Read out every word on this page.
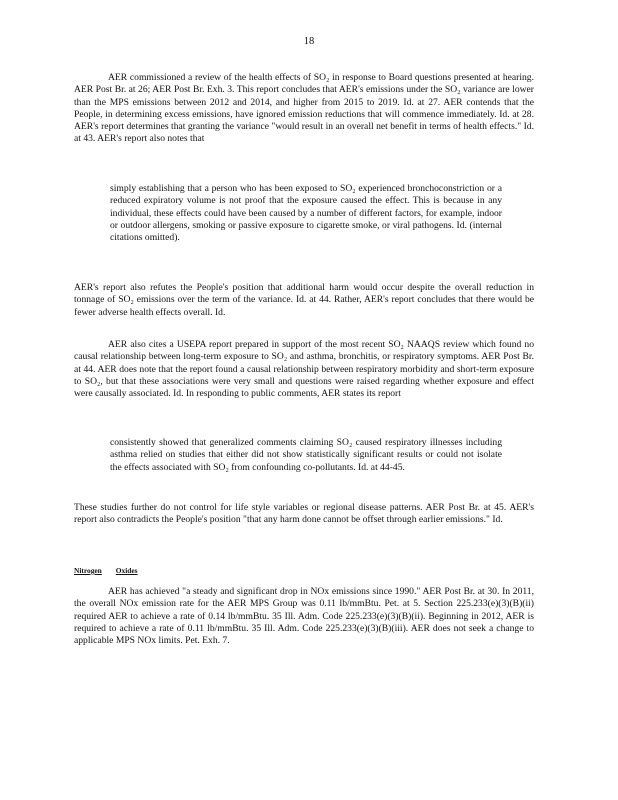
18

AER commissioned a review of the health effects of SO₂ in response to Board questions presented at hearing. AER Post Br. at 26; AER Post Br. Exh. 3. This report concludes that AER's emissions under the SO₂ variance are lower than the MPS emissions between 2012 and 2014, and higher from 2015 to 2019. Id. at 27. AER contends that the People, in determining excess emissions, have ignored emission reductions that will commence immediately. Id. at 28. AER's report determines that granting the variance "would result in an overall net benefit in terms of health effects." Id. at 43. AER's report also notes that

simply establishing that a person who has been exposed to SO₂ experienced bronchoconstriction or a reduced expiratory volume is not proof that the exposure caused the effect. This is because in any individual, these effects could have been caused by a number of different factors, for example, indoor or outdoor allergens, smoking or passive exposure to cigarette smoke, or viral pathogens. Id. (internal citations omitted).

AER's report also refutes the People's position that additional harm would occur despite the overall reduction in tonnage of SO₂ emissions over the term of the variance. Id. at 44. Rather, AER's report concludes that there would be fewer adverse health effects overall. Id.

AER also cites a USEPA report prepared in support of the most recent SO₂ NAAQS review which found no causal relationship between long-term exposure to SO₂ and asthma, bronchitis, or respiratory symptoms. AER Post Br. at 44. AER does note that the report found a causal relationship between respiratory morbidity and short-term exposure to SO₂, but that these associations were very small and questions were raised regarding whether exposure and effect were causally associated. Id. In responding to public comments, AER states its report

consistently showed that generalized comments claiming SO₂ caused respiratory illnesses including asthma relied on studies that either did not show statistically significant results or could not isolate the effects associated with SO₂ from confounding co-pollutants. Id. at 44-45.

These studies further do not control for life style variables or regional disease patterns. AER Post Br. at 45. AER's report also contradicts the People's position "that any harm done cannot be offset through earlier emissions." Id.

Nitrogen Oxides

AER has achieved "a steady and significant drop in NOx emissions since 1990." AER Post Br. at 30. In 2011, the overall NOx emission rate for the AER MPS Group was 0.11 lb/mmBtu. Pet. at 5. Section 225.233(e)(3)(B)(ii) required AER to achieve a rate of 0.14 lb/mmBtu. 35 Ill. Adm. Code 225.233(e)(3)(B)(ii). Beginning in 2012, AER is required to achieve a rate of 0.11 lb/mmBtu. 35 Ill. Adm. Code 225.233(e)(3)(B)(iii). AER does not seek a change to applicable MPS NOx limits. Pet. Exh. 7.
